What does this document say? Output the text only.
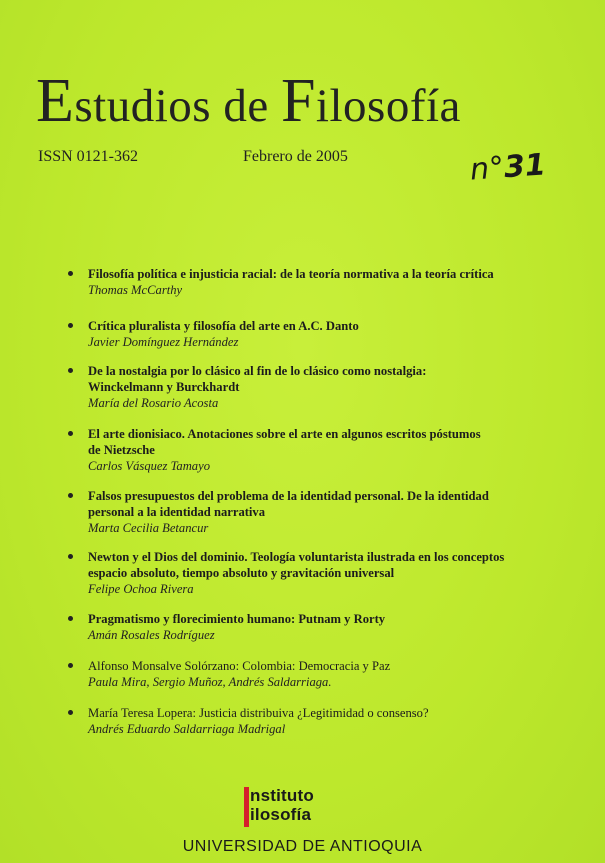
Estudios de Filosofía
ISSN 0121-362	Febrero de 2005	n°31
Filosofía política e injusticia racial: de la teoría normativa a la teoría crítica
Thomas McCarthy
Crítica pluralista y filosofía del arte en A.C. Danto
Javier Domínguez Hernández
De la nostalgia por lo clásico al fin de lo clásico como nostalgia:
Winckelmann y Burckhardt
María del Rosario Acosta
El arte dionisiaco. Anotaciones sobre el arte en algunos escritos póstumos
de Nietzsche
Carlos Vásquez Tamayo
Falsos presupuestos del problema de la identidad personal. De la identidad
personal a la identidad narrativa
Marta Cecilia Betancur
Newton y el Dios del dominio. Teología voluntarista ilustrada en los conceptos
espacio absoluto, tiempo absoluto y gravitación universal
Felipe Ochoa Rivera
Pragmatismo y florecimiento humano: Putnam y Rorty
Amán Rosales Rodríguez
Alfonso Monsalve Solórzano: Colombia: Democracia y Paz
Paula Mira, Sergio Muñoz, Andrés Saldarriaga.
María Teresa Lopera: Justicia distribuiva ¿Legitimidad o consenso?
Andrés Eduardo Saldarriaga Madrigal
nstituto
ilosofía
UNIVERSIDAD DE ANTIOQUIA
